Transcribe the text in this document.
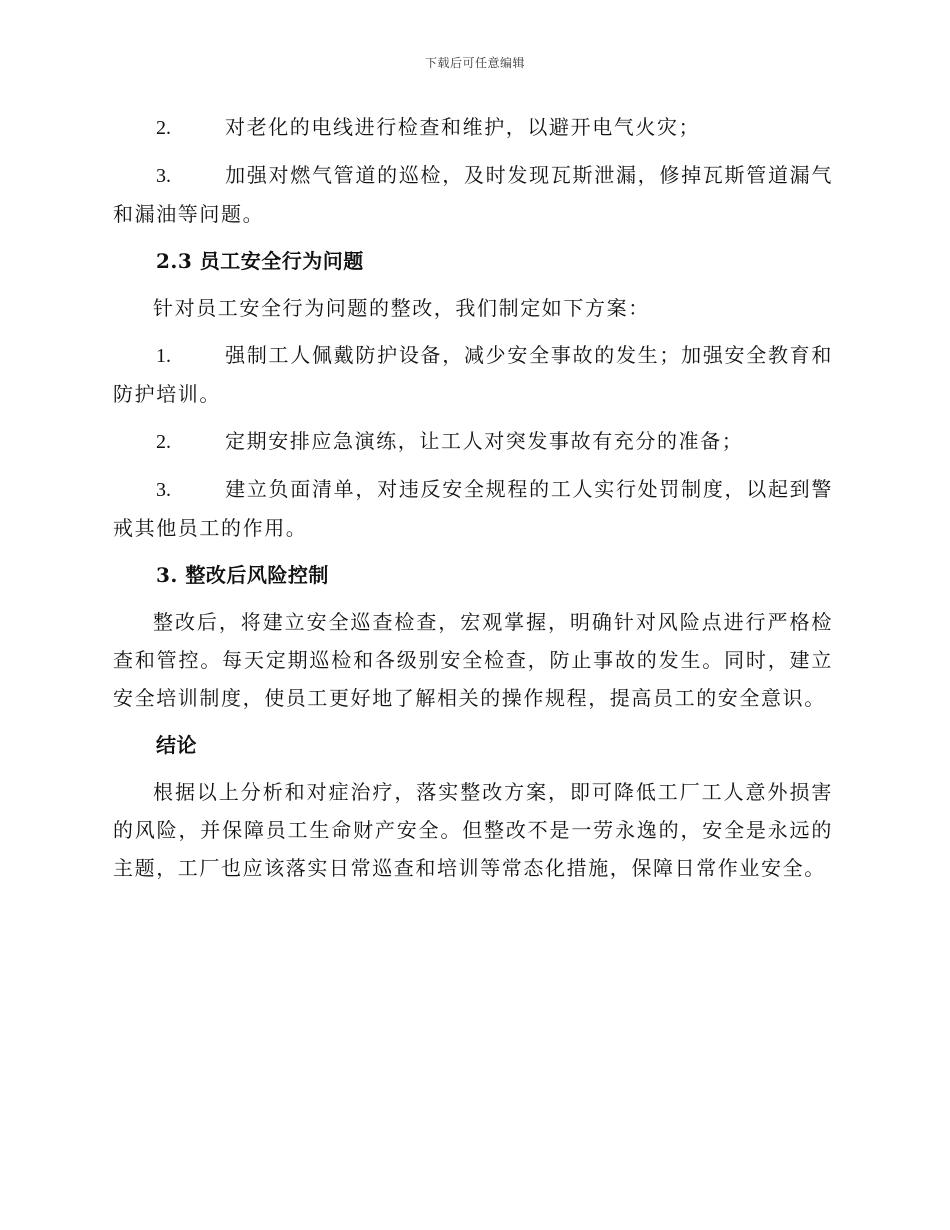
下载后可任意编辑

2.	对老化的电线进行检查和维护，以避开电气火灾；

3.	加强对燃气管道的巡检，及时发现瓦斯泄漏，修掉瓦斯管道漏气和漏油等问题。

2.3 员工安全行为问题

针对员工安全行为问题的整改，我们制定如下方案：

1.	强制工人佩戴防护设备，减少安全事故的发生；加强安全教育和防护培训。

2.	定期安排应急演练，让工人对突发事故有充分的准备；

3.	建立负面清单，对违反安全规程的工人实行处罚制度，以起到警戒其他员工的作用。

3. 整改后风险控制

整改后，将建立安全巡查检查，宏观掌握，明确针对风险点进行严格检查和管控。每天定期巡检和各级别安全检查，防止事故的发生。同时，建立安全培训制度，使员工更好地了解相关的操作规程，提高员工的安全意识。

结论

根据以上分析和对症治疗，落实整改方案，即可降低工厂工人意外损害的风险，并保障员工生命财产安全。但整改不是一劳永逸的，安全是永远的主题，工厂也应该落实日常巡查和培训等常态化措施，保障日常作业安全。
